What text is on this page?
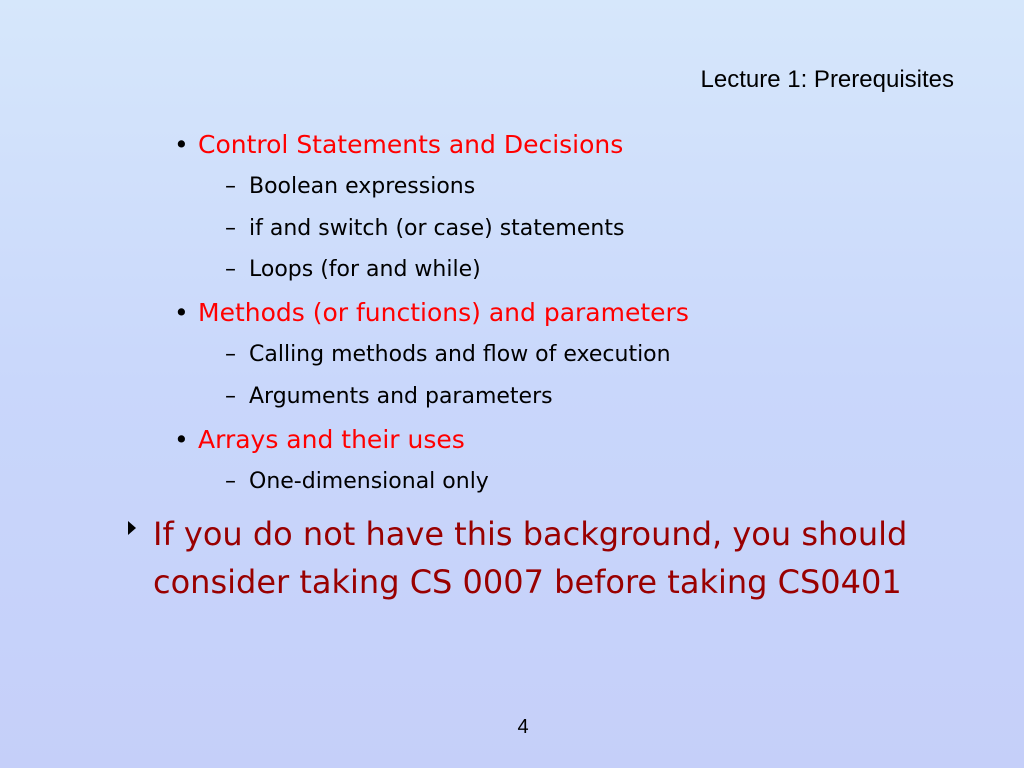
Lecture 1: Prerequisites
• Control Statements and Decisions
– Boolean expressions
– if and switch (or case) statements
– Loops (for and while)
• Methods (or functions) and parameters
– Calling methods and flow of execution
– Arguments and parameters
• Arrays and their uses
– One-dimensional only
If you do not have this background, you should consider taking CS 0007 before taking CS0401
4
